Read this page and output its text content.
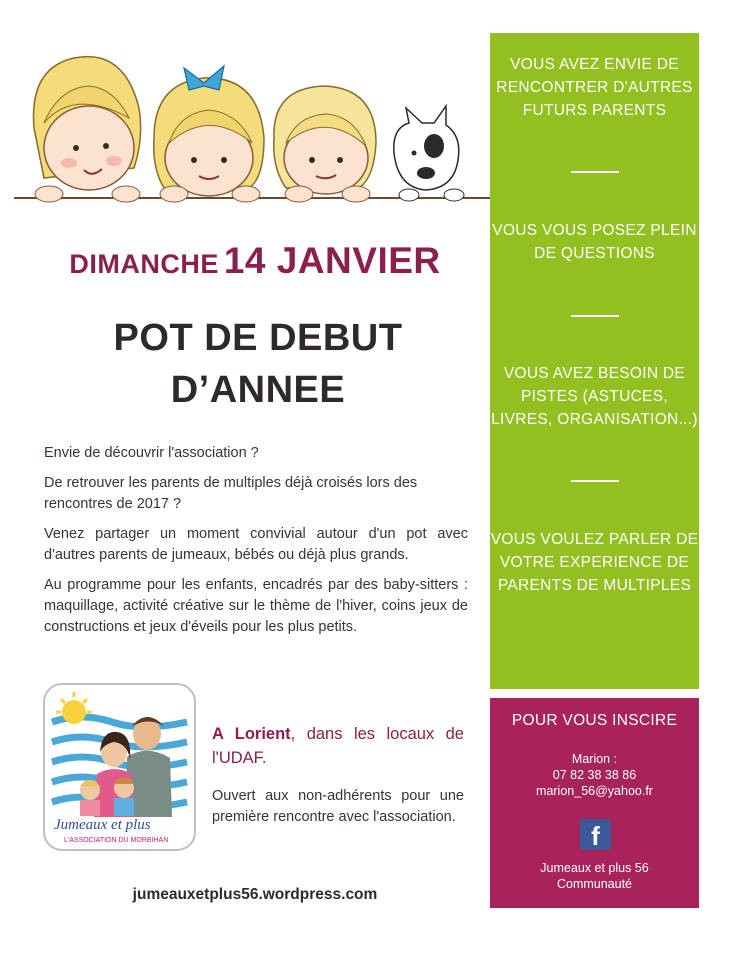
DIMANCHE 14 JANVIER
POT DE DEBUT
D’ANNEE

Envie de découvrir l'association ?

De retrouver les parents de multiples déjà croisés lors des rencontres de 2017 ?

Venez partager un moment convivial autour d'un pot avec d'autres parents de jumeaux, bébés ou déjà plus grands.

Au programme pour les enfants, encadrés par des baby-sitters : maquillage, activité créative sur le thème de l'hiver, coins jeux de constructions et jeux d'éveils pour les plus petits.

Jumeaux et plus
L'ASSOCIATION DU MORBIHAN
A Lorient, dans les locaux de l'UDAF.
Ouvert aux non-adhérents pour une première rencontre avec l'association.
jumeauxetplus56.wordpress.com
VOUS AVEZ ENVIE DE RENCONTRER D'AUTRES FUTURS PARENTS
VOUS VOUS POSEZ PLEIN DE QUESTIONS
VOUS AVEZ BESOIN DE PISTES (ASTUCES, LIVRES, ORGANISATION...)
VOUS VOULEZ PARLER DE VOTRE EXPERIENCE DE PARENTS DE MULTIPLES
POUR VOUS INSCIRE
Marion :
07 82 38 38 86
marion_56@yahoo.fr
f
Jumeaux et plus 56
Communauté
